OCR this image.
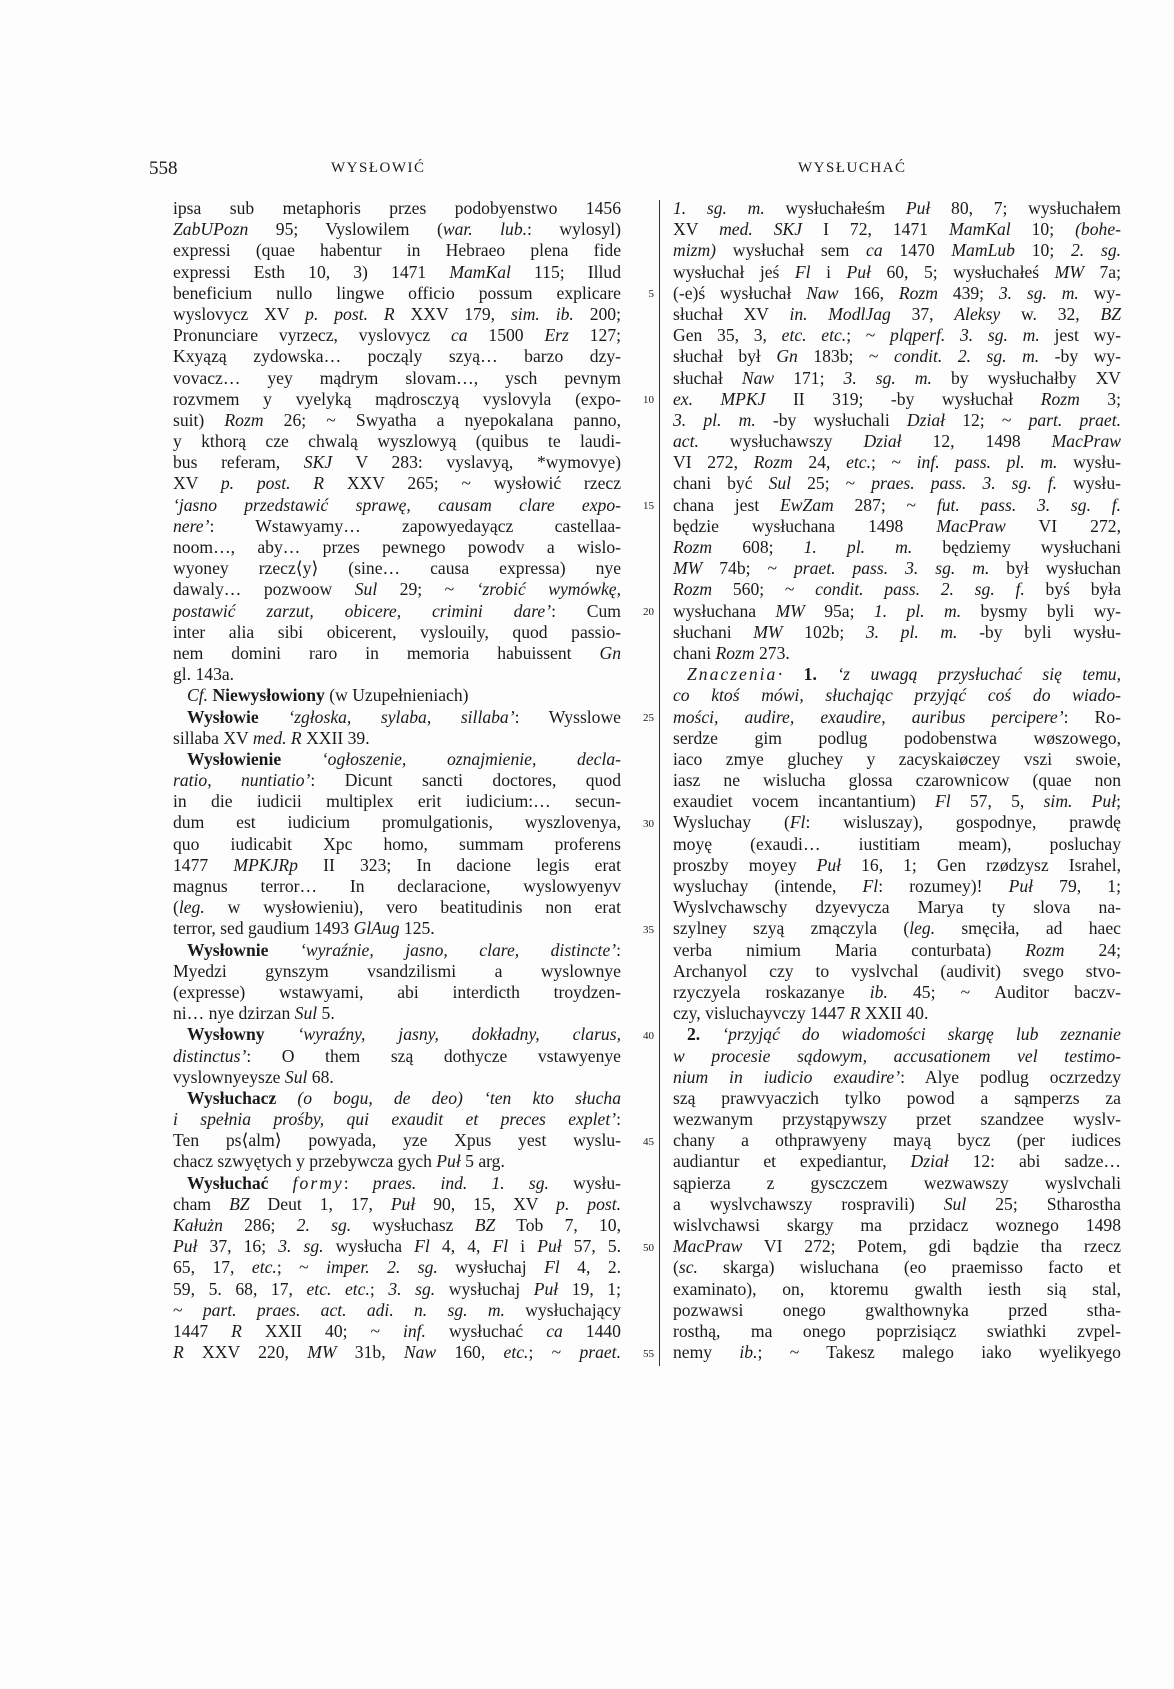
558	WYSŁOWIĆ	WYSŁUCHAĆ
ipsa sub metaphoris przes podobyenstwo 1456
ZabUPozn 95; Vyslowilem (war. lub.: wylosyl)
expressi (quae habentur in Hebraeo plena fide
expressi Esth 10, 3) 1471 MamKal 115; Illud
beneficium nullo lingwe officio possum explicare
wyslovycz XV p. post. R XXV 179, sim. ib. 200;
Pronunciare vyrzecz, vyslovycz ca 1500 Erz 127;
Kxyązą zydowska… począly szyą… barzo dzy-
vovacz… yey mądrym slovam…, ysch pevnym
rozvmem y vyelyką mądrosczyą vyslovyla (expo-
suit) Rozm 26; ~ Swyatha a nyepokalana panno,
y kthorą cze chwalą wyszlowyą (quibus te laudi-
bus referam, SKJ V 283: vyslavyą, *wymovye)
XV p. post. R XXV 265; ~ wysłowić rzecz
‘jasno przedstawić sprawę, causam clare expo-
nere’: Wstawyamy… zapowyedayącz castellaa-
noom…, aby… przes pewnego powodv a wislo-
wyoney rzecz⟨y⟩ (sine… causa expressa) nye
dawaly… pozwoow Sul 29; ~ ‘zrobić wymówkę,
postawić zarzut, obicere, crimini dare’: Cum
inter alia sibi obicerent, vyslouily, quod passio-
nem domini raro in memoria habuissent Gn
gl. 143a.
Cf. Niewysłowiony (w Uzupełnieniach)
Wysłowie ‘zgłoska, sylaba, sillaba’: Wysslowe
sillaba XV med. R XXII 39.
Wysłowienie ‘ogłoszenie, oznajmienie, decla-
ratio, nuntiatio’: Dicunt sancti doctores, quod
in die iudicii multiplex erit iudicium:… secun-
dum est iudicium promulgationis, wyszlovenya,
quo iudicabit Xpc homo, summam proferens
1477 MPKJRp II 323; In dacione legis erat
magnus terror… In declaracione, wyslowyenyv
(leg. w wysłowieniu), vero beatitudinis non erat
terror, sed gaudium 1493 GlAug 125.
Wysłownie ‘wyraźnie, jasno, clare, distincte’:
Myedzi gynszym vsandzilismi a wyslownye
(expresse) wstawyami, abi interdicth troydzen-
ni… nye dzirzan Sul 5.
Wysłowny ‘wyraźny, jasny, dokładny, clarus,
distinctus’: O them szą dothycze vstawyenye
vyslownyeysze Sul 68.
Wysłuchacz (o bogu, de deo) ‘ten kto słucha
i spełnia prośby, qui exaudit et preces explet’:
Ten ps⟨alm⟩ powyada, yze Xpus yest wyslu-
chacz szwyętych y przebywcza gych Puł 5 arg.
Wysłuchać formy: praes. ind. 1. sg. wysłu-
cham BZ Deut 1, 17, Puł 90, 15, XV p. post.
Kałużn 286; 2. sg. wysłuchasz BZ Tob 7, 10,
Puł 37, 16; 3. sg. wysłucha Fl 4, 4, Fl i Puł 57, 5.
65, 17, etc.; ~ imper. 2. sg. wysłuchaj Fl 4, 2.
59, 5. 68, 17, etc. etc.; 3. sg. wysłuchaj Puł 19, 1;
~ part. praes. act. adi. n. sg. m. wysłuchający
1447 R XXII 40; ~ inf. wysłuchać ca 1440
R XXV 220, MW 31b, Naw 160, etc.; ~ praet.
5
10
15
20
25
30
35
40
45
50
55
1. sg. m. wysłuchałeśm Puł 80, 7; wysłuchałem
XV med. SKJ I 72, 1471 MamKal 10; (bohe-
mizm) wysłuchał sem ca 1470 MamLub 10; 2. sg.
wysłuchał jeś Fl i Puł 60, 5; wysłuchałeś MW 7a;
(-e)ś wysłuchał Naw 166, Rozm 439; 3. sg. m. wy-
słuchał XV in. ModlJag 37, Aleksy w. 32, BZ
Gen 35, 3, etc. etc.; ~ plqperf. 3. sg. m. jest wy-
słuchał był Gn 183b; ~ condit. 2. sg. m. -by wy-
słuchał Naw 171; 3. sg. m. by wysłuchałby XV
ex. MPKJ II 319; -by wysłuchał Rozm 3;
3. pl. m. -by wysłuchali Dział 12; ~ part. praet.
act. wysłuchawszy Dział 12, 1498 MacPraw
VI 272, Rozm 24, etc.; ~ inf. pass. pl. m. wysłu-
chani być Sul 25; ~ praes. pass. 3. sg. f. wysłu-
chana jest EwZam 287; ~ fut. pass. 3. sg. f.
będzie wysłuchana 1498 MacPraw VI 272,
Rozm 608; 1. pl. m. będziemy wysłuchani
MW 74b; ~ praet. pass. 3. sg. m. był wysłuchan
Rozm 560; ~ condit. pass. 2. sg. f. byś była
wysłuchana MW 95a; 1. pl. m. bysmy byli wy-
słuchani MW 102b; 3. pl. m. -by byli wysłu-
chani Rozm 273.
Znaczenia· 1. ‘z uwagą przysłuchać się temu,
co ktoś mówi, słuchając przyjąć coś do wiado-
mości, audire, exaudire, auribus percipere’: Ro-
serdze gim podlug podobenstwa wøszowego,
iaco zmye gluchey y zacyskaiøczey vszi swoie,
iasz ne wislucha glossa czarownicow (quae non
exaudiet vocem incantantium) Fl 57, 5, sim. Puł;
Wysluchay (Fl: wisluszay), gospodnye, prawdę
moyę (exaudi… iustitiam meam), posluchay
proszby moyey Puł 16, 1; Gen rzødzysz Israhel,
wysluchay (intende, Fl: rozumey)! Puł 79, 1;
Wyslvchawschy dzyevycza Marya ty slova na-
szylney szyą zmączyla (leg. smęciła, ad haec
verba nimium Maria conturbata) Rozm 24;
Archanyol czy to vyslvchal (audivit) svego stvo-
rzyczyela roskazanye ib. 45; ~ Auditor baczv-
czy, visluchayvczy 1447 R XXII 40.
2. ‘przyjąć do wiadomości skargę lub zeznanie
w procesie sądowym, accusationem vel testimo-
nium in iudicio exaudire’: Alye podlug oczrzedzy
szą prawvyaczich tylko powod a sąmperzs za
wezwanym przystąpywszy przet szandzee wyslv-
chany a othprawyeny mayą bycz (per iudices
audiantur et expediantur, Dział 12: abi sadze…
sąpierza z gysczczem wezwawszy wyslvchali
a wyslvchawszy rospravili) Sul 25; Stharostha
wislvchawsi skargy ma przidacz woznego 1498
MacPraw VI 272; Potem, gdi bądzie tha rzecz
(sc. skarga) wisluchana (eo praemisso facto et
examinato), on, ktoremu gwalth iesth sią stal,
pozwawsi onego gwalthownyka przed stha-
rosthą, ma onego poprzisiącz swiathki zvpel-
nemy ib.; ~ Takesz malego iako wyelikyego
